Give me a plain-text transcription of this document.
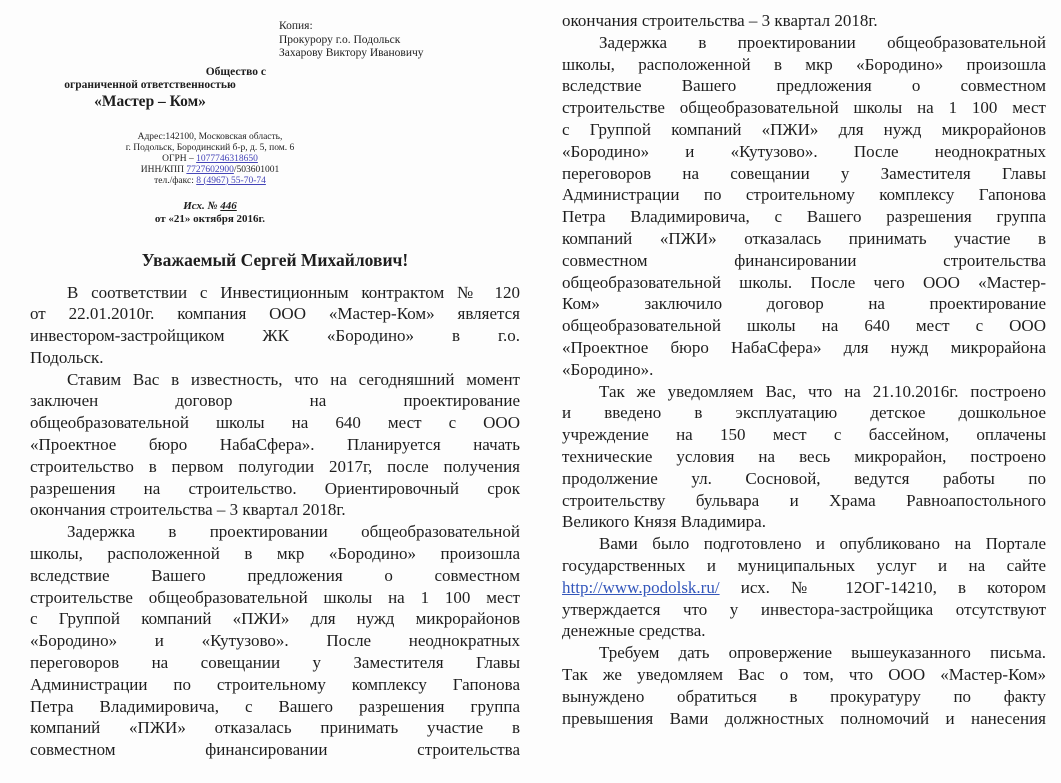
Копия:
Прокурору г.о. Подольск
Захарову Виктору Ивановичу
Общество с
ограниченной ответственностью
«Мастер – Ком»
Адрес:142100, Московская область,
г. Подольск, Бородинский б-р, д. 5, пом. 6
ОГРН – 1077746318650
ИНН/КПП 7727602900/503601001
тел./факс: 8 (4967) 55-70-74
Исх. № 446
от «21» октября 2016г.
Уважаемый Сергей Михайлович!
В соответствии с Инвестиционным контрактом № 120
от 22.01.2010г. компания ООО «Мастер-Ком» является
инвестором-застройщиком ЖК «Бородино» в г.о.
Подольск.
Ставим Вас в известность, что на сегодняшний момент
заключен договор на проектирование
общеобразовательной школы на 640 мест с ООО
«Проектное бюро НабаСфера». Планируется начать
строительство в первом полугодии 2017г, после получения
разрешения на строительство. Ориентировочный срок
окончания строительства – 3 квартал 2018г.
Задержка в проектировании общеобразовательной
школы, расположенной в мкр «Бородино» произошла
вследствие Вашего предложения о совместном
строительстве общеобразовательной школы на 1 100 мест
с Группой компаний «ПЖИ» для нужд микрорайонов
«Бородино» и «Кутузово». После неоднократных
переговоров на совещании у Заместителя Главы
Администрации по строительному комплексу Гапонова
Петра Владимировича, с Вашего разрешения группа
компаний «ПЖИ» отказалась принимать участие в
совместном финансировании строительства
окончания строительства – 3 квартал 2018г.
Задержка в проектировании общеобразовательной
школы, расположенной в мкр «Бородино» произошла
вследствие Вашего предложения о совместном
строительстве общеобразовательной школы на 1 100 мест
с Группой компаний «ПЖИ» для нужд микрорайонов
«Бородино» и «Кутузово». После неоднократных
переговоров на совещании у Заместителя Главы
Администрации по строительному комплексу Гапонова
Петра Владимировича, с Вашего разрешения группа
компаний «ПЖИ» отказалась принимать участие в
совместном финансировании строительства
общеобразовательной школы. После чего ООО «Мастер-
Ком» заключило договор на проектирование
общеобразовательной школы на 640 мест с ООО
«Проектное бюро НабаСфера» для нужд микрорайона
«Бородино».
Так же уведомляем Вас, что на 21.10.2016г. построено
и введено в эксплуатацию детское дошкольное
учреждение на 150 мест с бассейном, оплачены
технические условия на весь микрорайон, построено
продолжение ул. Сосновой, ведутся работы по
строительству бульвара и Храма Равноапостольного
Великого Князя Владимира.
Вами было подготовлено и опубликовано на Портале
государственных и муниципальных услуг и на сайте
http://www.podolsk.ru/ исх. № 12ОГ-14210, в котором
утверждается что у инвестора-застройщика отсутствуют
денежные средства.
Требуем дать опровержение вышеуказанного письма.
Так же уведомляем Вас о том, что ООО «Мастер-Ком»
вынуждено обратиться в прокуратуру по факту
превышения Вами должностных полномочий и нанесения
